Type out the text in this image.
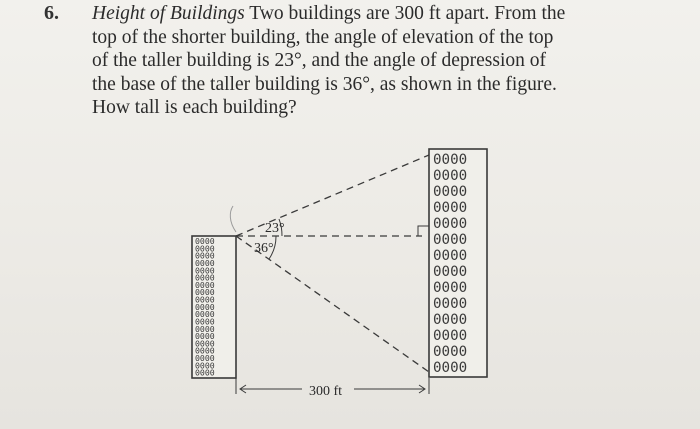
6. Height of Buildings Two buildings are 300 ft apart. From the
top of the shorter building, the angle of elevation of the top
of the taller building is 23°, and the angle of depression of
the base of the taller building is 36°, as shown in the figure.
How tall is each building?
0000
0000
0000
0000
0000
0000
0000
0000
0000
0000
0000
0000
0000
0000
0000
0000
0000
0000
0000
0000
0000
0000
0000
0000
0000
0000
0000
0000
0000
0000
0000
0000
0000
23°
36°
300 ft
